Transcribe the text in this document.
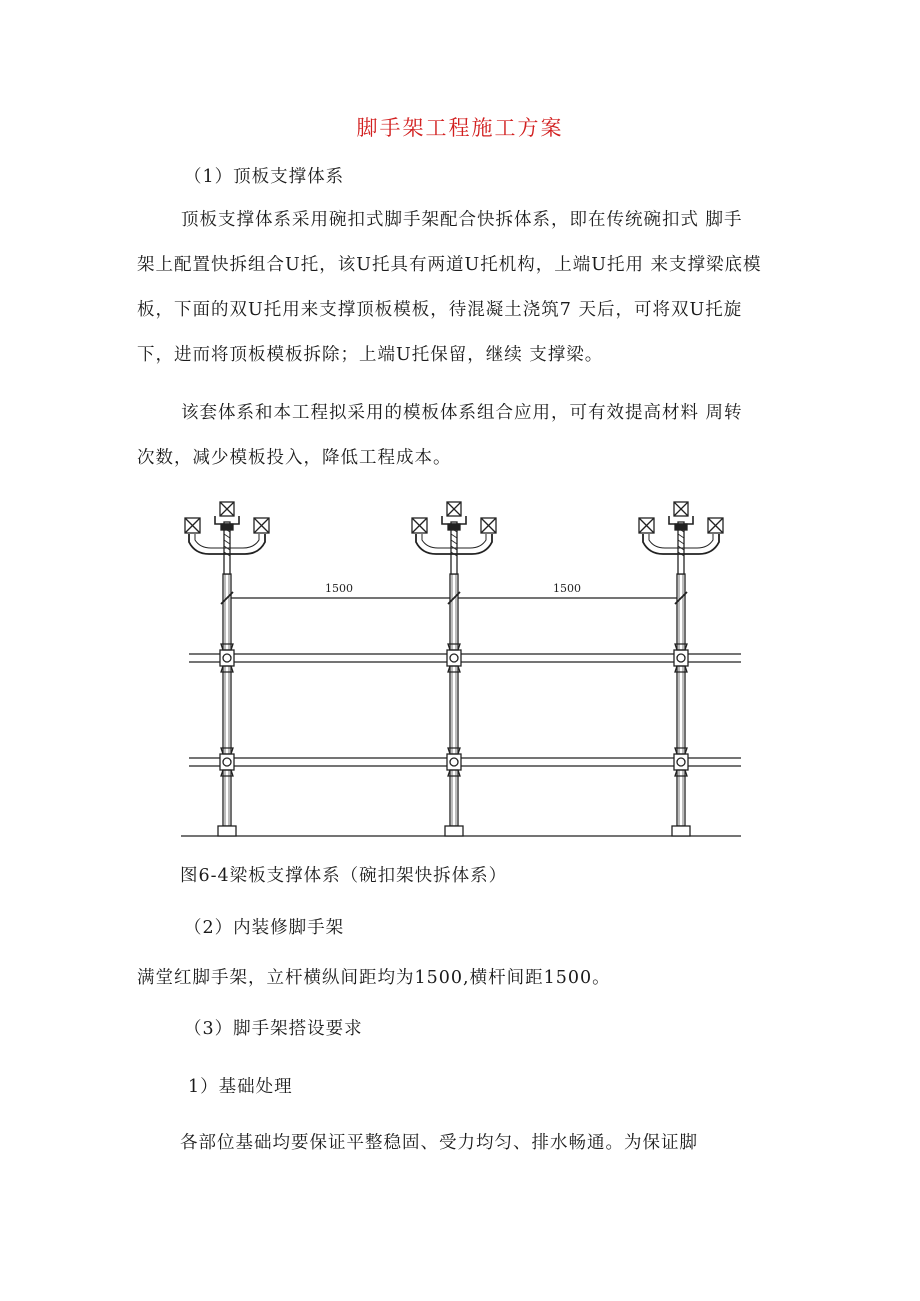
脚手架工程施工方案
（1）顶板支撑体系
顶板支撑体系采用碗扣式脚手架配合快拆体系，即在传统碗扣式 脚手
架上配置快拆组合U托，该U托具有两道U托机构，上端U托用 来支撑梁底模
板，下面的双U托用来支撑顶板模板，待混凝土浇筑7 天后，可将双U托旋
下，进而将顶板模板拆除；上端U托保留，继续 支撑梁。
该套体系和本工程拟采用的模板体系组合应用，可有效提高材料 周转
次数，减少模板投入，降低工程成本。
1500	1500
图6-4梁板支撑体系（碗扣架快拆体系）
（2）内装修脚手架
满堂红脚手架，立杆横纵间距均为1500,横杆间距1500。
（3）脚手架搭设要求
1）基础处理
各部位基础均要保证平整稳固、受力均匀、排水畅通。为保证脚
